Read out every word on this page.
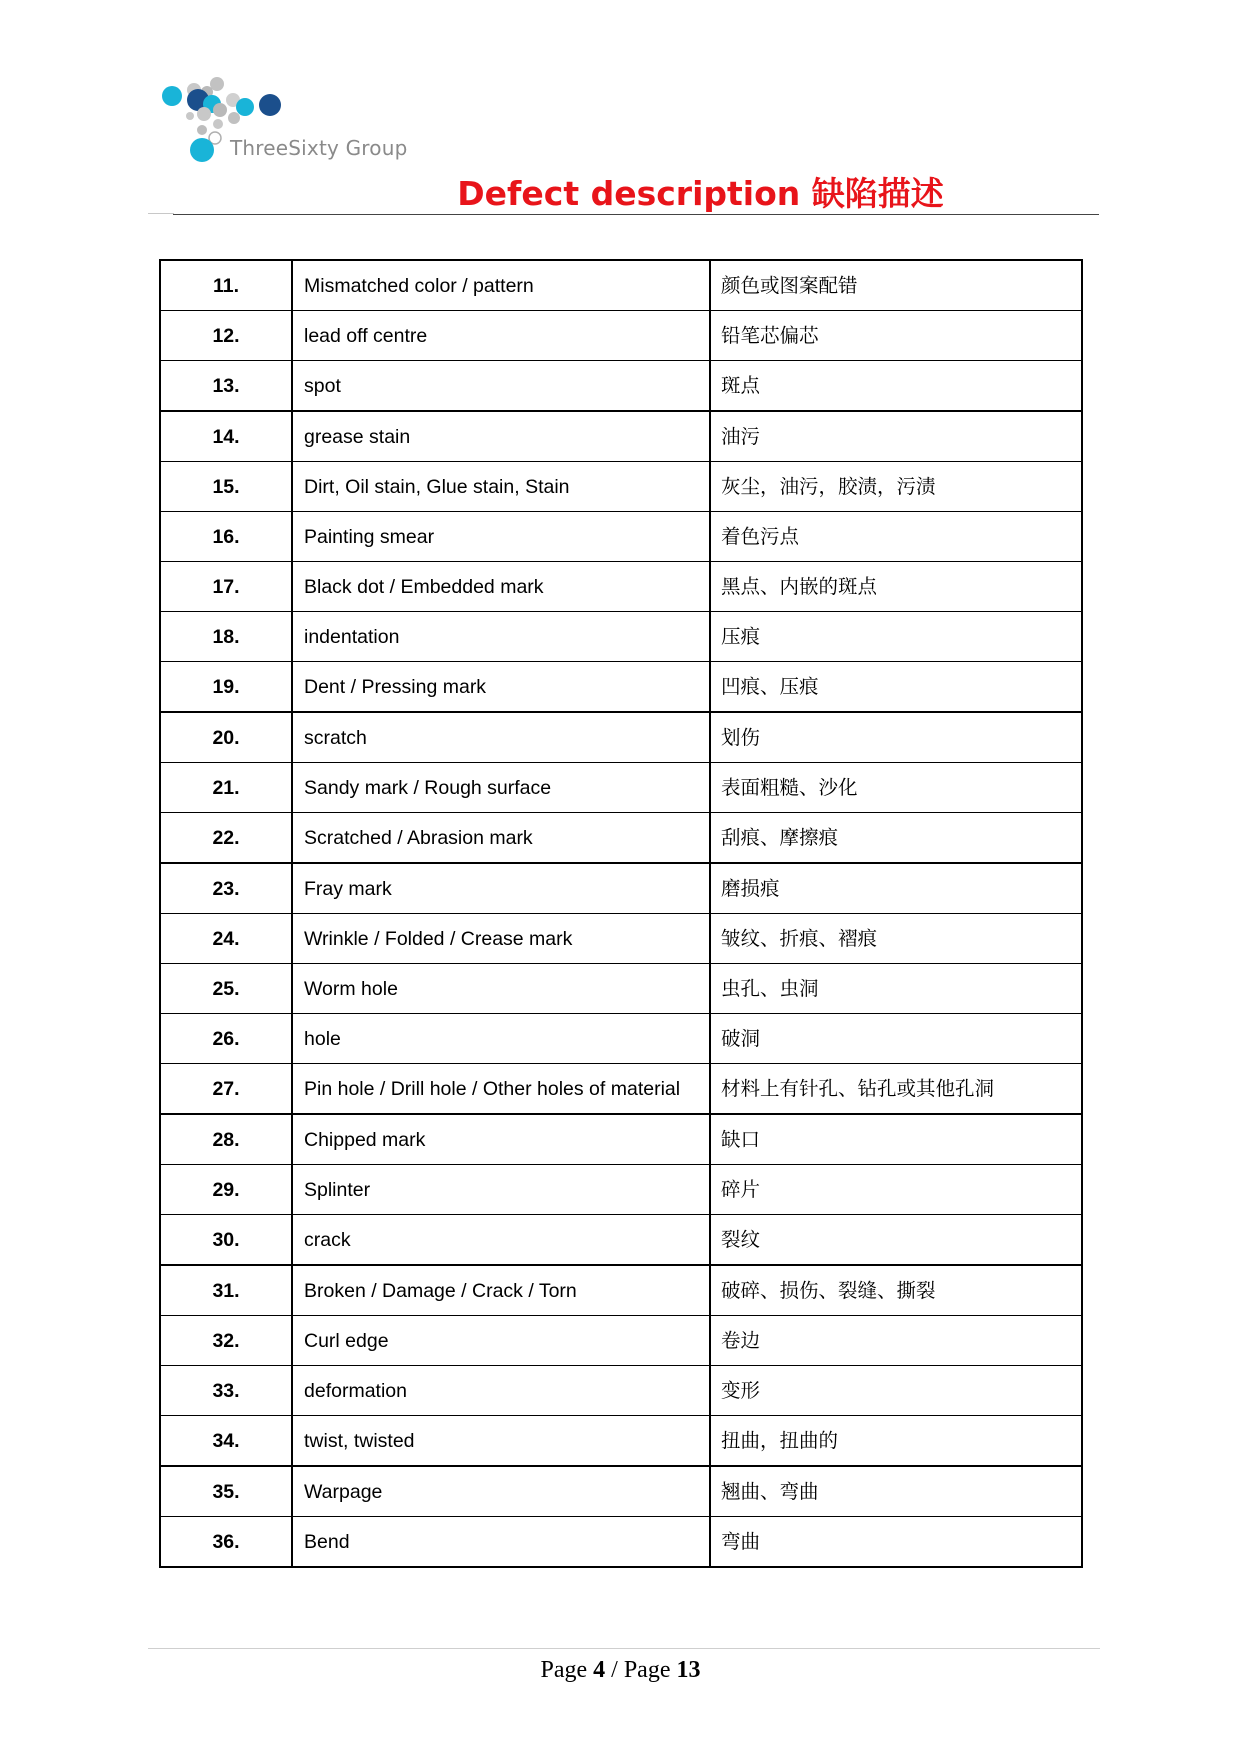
ThreeSixty Group
Defect description 缺陷描述
11.	Mismatched color / pattern	颜色或图案配错
12.	lead off centre	铅笔芯偏芯
13.	spot	斑点
14.	grease stain	油污
15.	Dirt, Oil stain, Glue stain, Stain	灰尘，油污，胶渍，污渍
16.	Painting smear	着色污点
17.	Black dot / Embedded mark	黑点、内嵌的斑点
18.	indentation	压痕
19.	Dent / Pressing mark	凹痕、压痕
20.	scratch	划伤
21.	Sandy mark / Rough surface	表面粗糙、沙化
22.	Scratched / Abrasion mark	刮痕、摩擦痕
23.	Fray mark	磨损痕
24.	Wrinkle / Folded / Crease mark	皱纹、折痕、褶痕
25.	Worm hole	虫孔、虫洞
26.	hole	破洞
27.	Pin hole / Drill hole / Other holes of material	材料上有针孔、钻孔或其他孔洞
28.	Chipped mark	缺口
29.	Splinter	碎片
30.	crack	裂纹
31.	Broken / Damage / Crack / Torn	破碎、损伤、裂缝、撕裂
32.	Curl edge	卷边
33.	deformation	变形
34.	twist, twisted	扭曲，扭曲的
35.	Warpage	翘曲、弯曲
36.	Bend	弯曲
Page 4 / Page 13
